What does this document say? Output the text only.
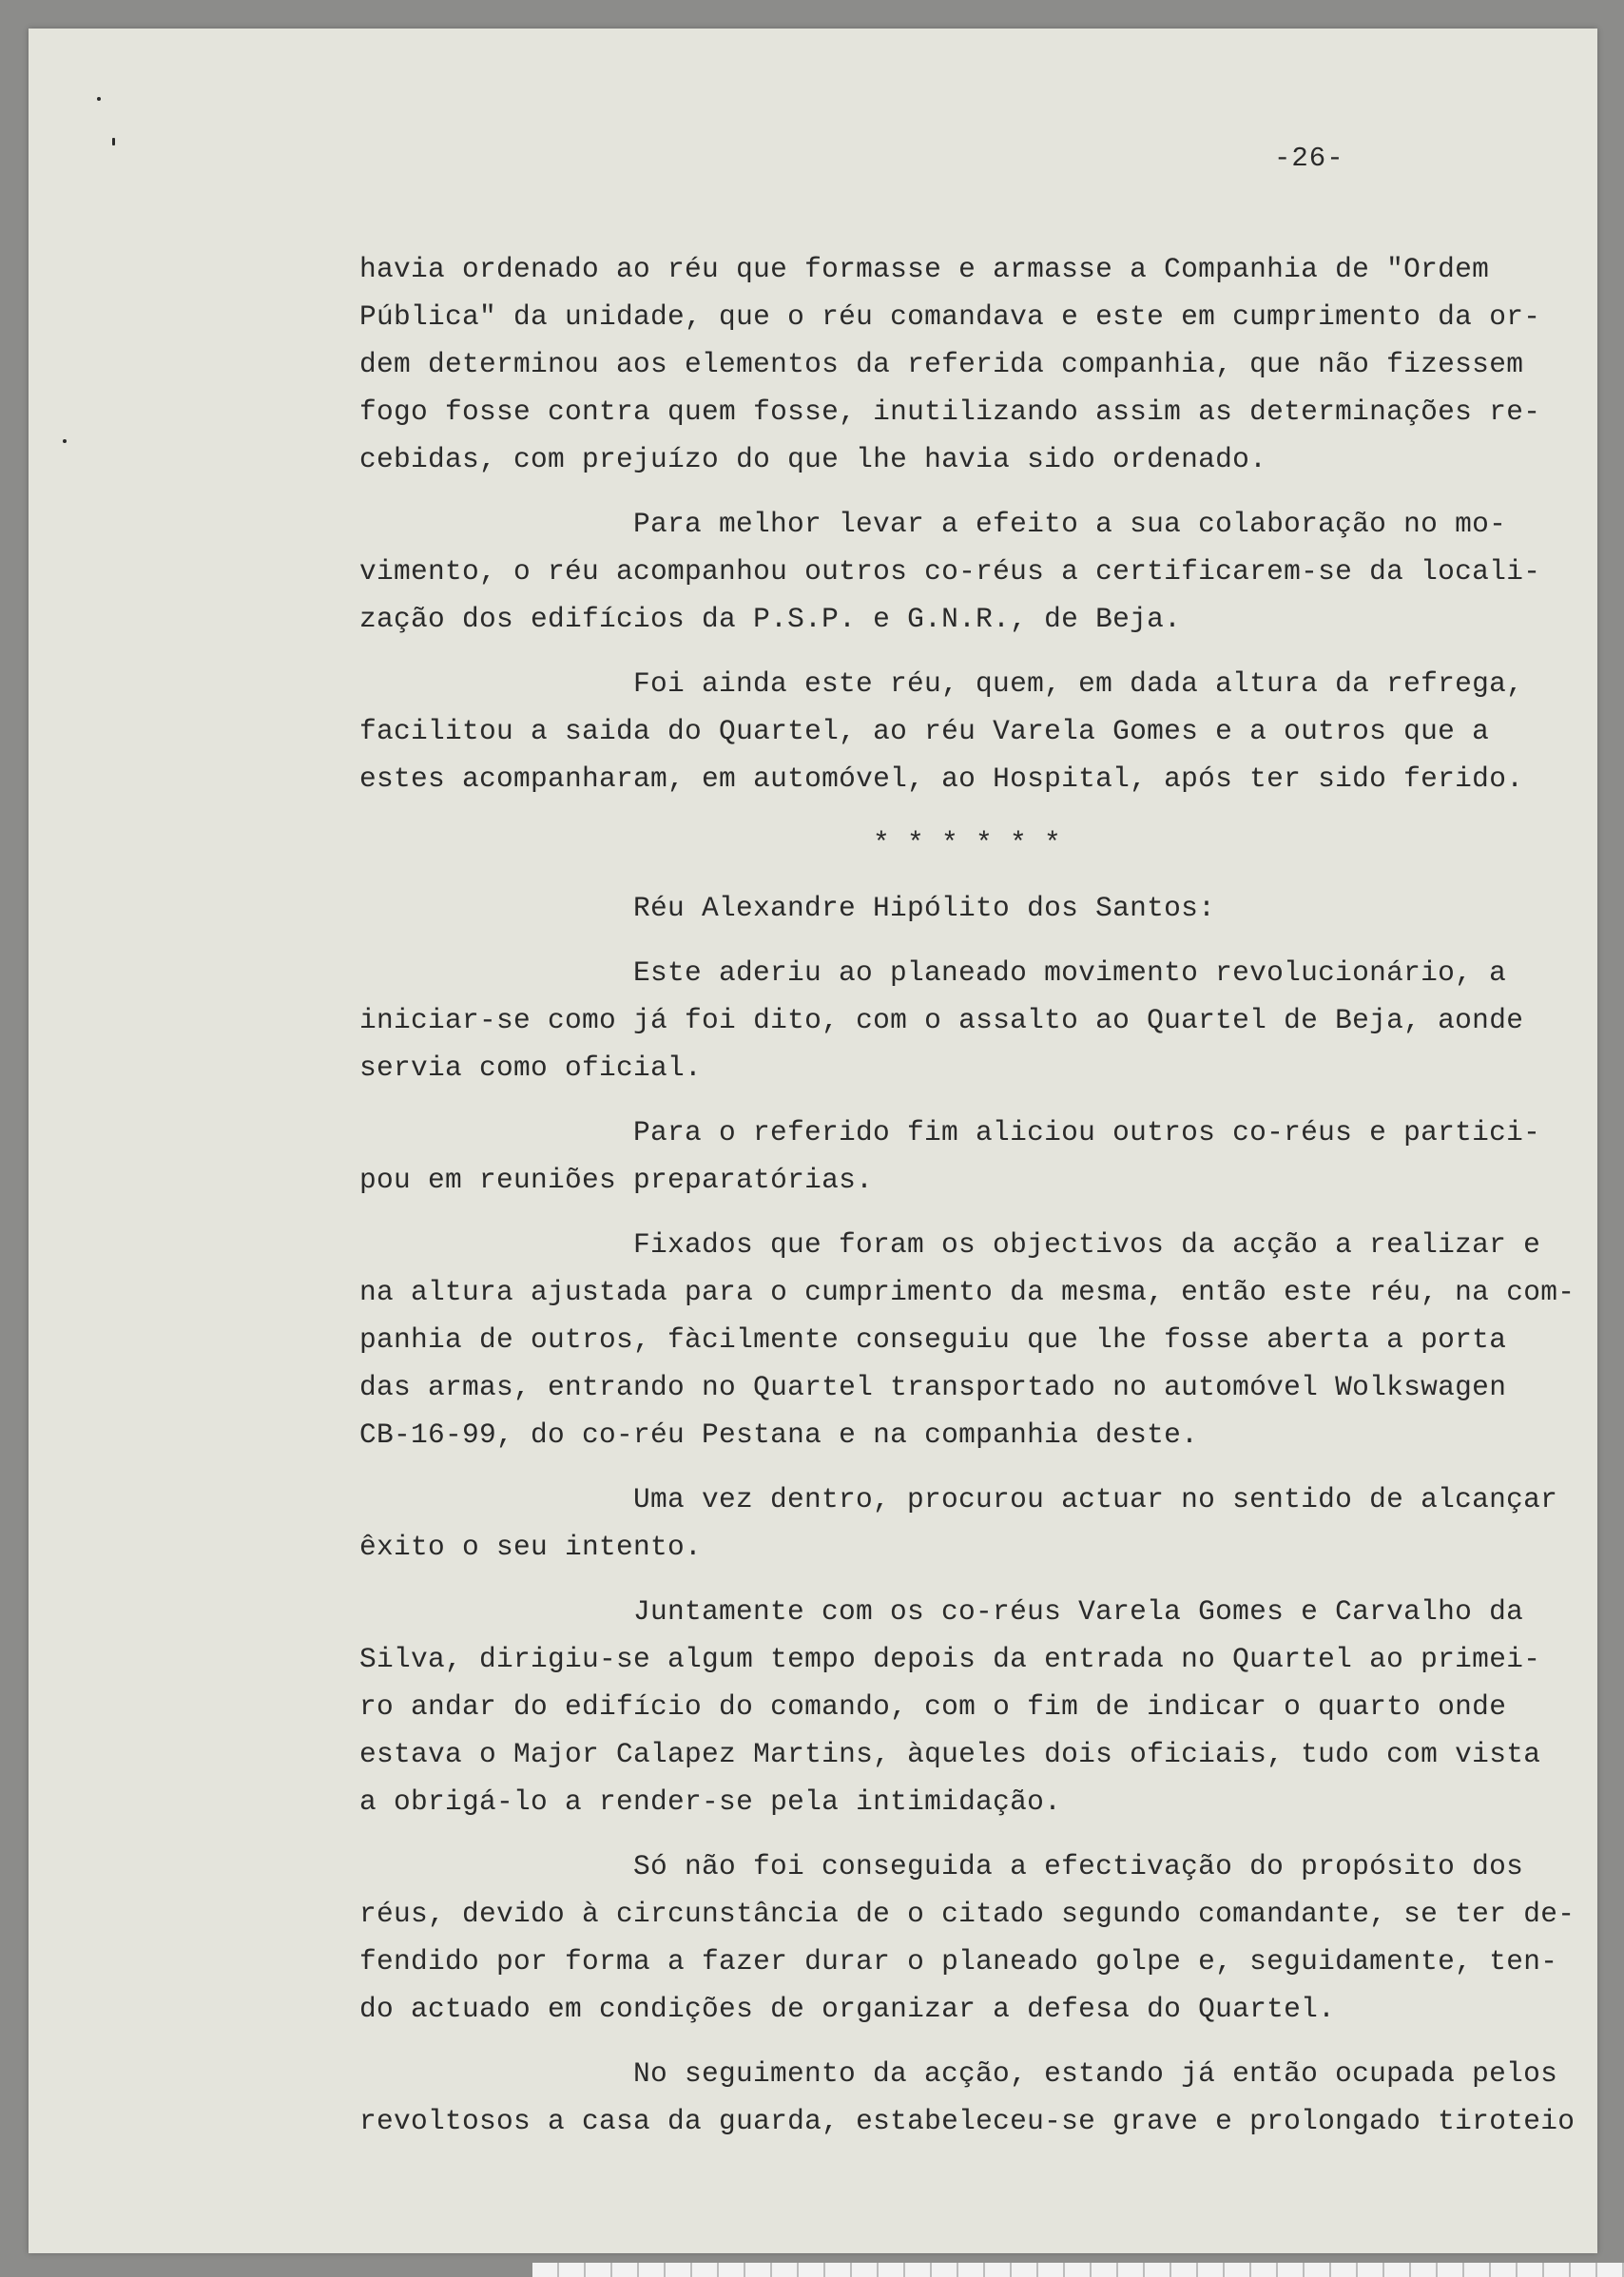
-26-
havia ordenado ao réu que formasse e armasse a Companhia de "Ordem
Pública" da unidade, que o réu comandava e este em cumprimento da or-
dem determinou aos elementos da referida companhia, que não fizessem
fogo fosse contra quem fosse, inutilizando assim as determinações re-
cebidas, com prejuízo do que lhe havia sido ordenado.
Para melhor levar a efeito a sua colaboração no mo-
vimento, o réu acompanhou outros co-réus a certificarem-se da locali-
zação dos edifícios da P.S.P. e G.N.R., de Beja.
Foi ainda este réu, quem, em dada altura da refrega,
facilitou a saida do Quartel, ao réu Varela Gomes e a outros que a
estes acompanharam, em automóvel, ao Hospital, após ter sido ferido.
* * * * * *
Réu Alexandre Hipólito dos Santos:
Este aderiu ao planeado movimento revolucionário, a
iniciar-se como já foi dito, com o assalto ao Quartel de Beja, aonde
servia como oficial.
Para o referido fim aliciou outros co-réus e partici-
pou em reuniões preparatórias.
Fixados que foram os objectivos da acção a realizar e
na altura ajustada para o cumprimento da mesma, então este réu, na com-
panhia de outros, fàcilmente conseguiu que lhe fosse aberta a porta
das armas, entrando no Quartel transportado no automóvel Wolkswagen
CB-16-99, do co-réu Pestana e na companhia deste.
Uma vez dentro, procurou actuar no sentido de alcançar
êxito o seu intento.
Juntamente com os co-réus Varela Gomes e Carvalho da
Silva, dirigiu-se algum tempo depois da entrada no Quartel ao primei-
ro andar do edifício do comando, com o fim de indicar o quarto onde
estava o Major Calapez Martins, àqueles dois oficiais, tudo com vista
a obrigá-lo a render-se pela intimidação.
Só não foi conseguida a efectivação do propósito dos
réus, devido à circunstância de o citado segundo comandante, se ter de-
fendido por forma a fazer durar o planeado golpe e, seguidamente, ten-
do actuado em condições de organizar a defesa do Quartel.
No seguimento da acção, estando já então ocupada pelos
revoltosos a casa da guarda, estabeleceu-se grave e prolongado tiroteio
